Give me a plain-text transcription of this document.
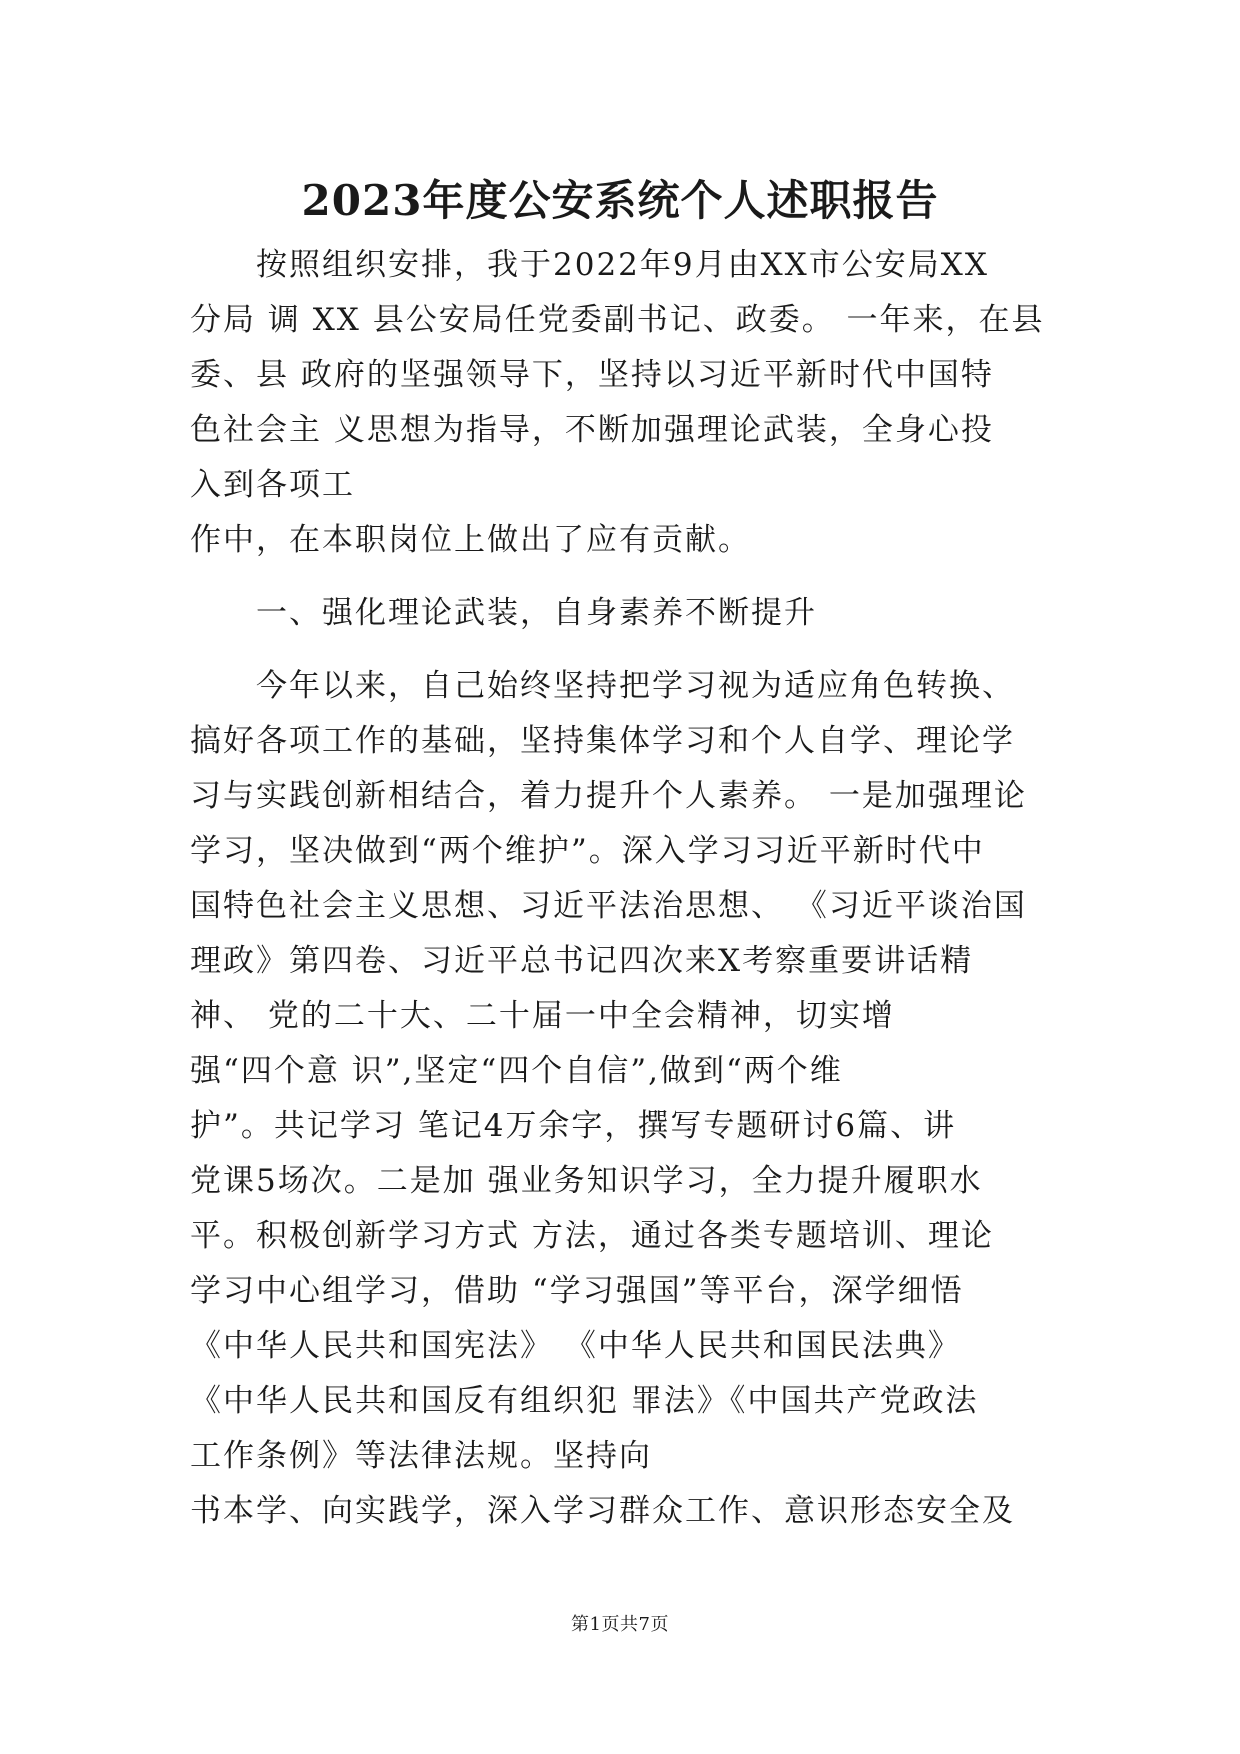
2023年度公安系统个人述职报告
按照组织安排，我于2022年9月由XX市公安局XX
分局 调 XX 县公安局任党委副书记、政委。 一年来，在县
委、县 政府的坚强领导下，坚持以习近平新时代中国特
色社会主 义思想为指导，不断加强理论武装，全身心投
入到各项工
作中，在本职岗位上做出了应有贡献。
一、强化理论武装，自身素养不断提升
今年以来，自己始终坚持把学习视为适应角色转换、
搞好各项工作的基础，坚持集体学习和个人自学、理论学
习与实践创新相结合，着力提升个人素养。 一是加强理论
学习，坚决做到“两个维护”。深入学习习近平新时代中
国特色社会主义思想、习近平法治思想、 《习近平谈治国
理政》第四卷、习近平总书记四次来X考察重要讲话精
神、 党的二十大、二十届一中全会精神，切实增
强“四个意 识”,坚定“四个自信”,做到“两个维
护”。共记学习 笔记4万余字，撰写专题研讨6篇、讲
党课5场次。二是加 强业务知识学习，全力提升履职水
平。积极创新学习方式 方法，通过各类专题培训、理论
学习中心组学习，借助 “学习强国”等平台，深学细悟
《中华人民共和国宪法》 《中华人民共和国民法典》
《中华人民共和国反有组织犯 罪法》《中国共产党政法
工作条例》等法律法规。坚持向
书本学、向实践学，深入学习群众工作、意识形态安全及
第1页共7页
